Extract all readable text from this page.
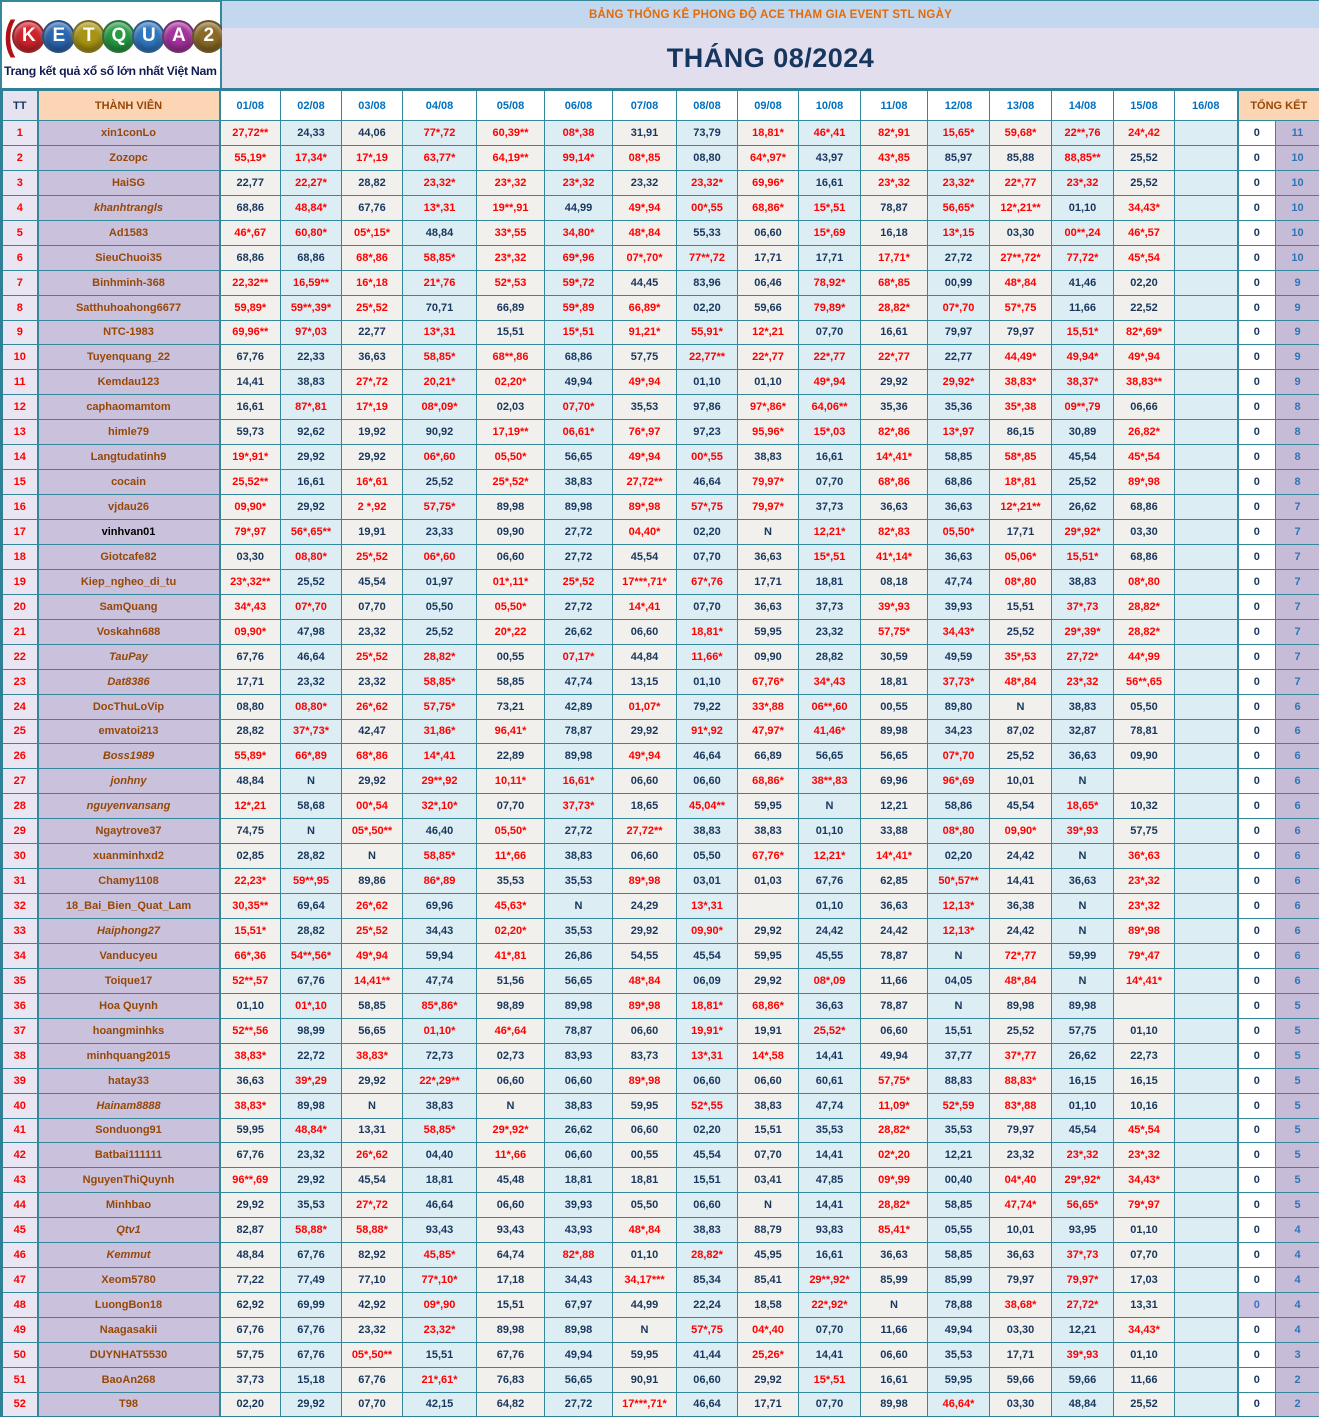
( K E T Q U A 2
Trang kết quả xổ số lớn nhất Việt Nam
BẢNG THỐNG KÊ PHONG ĐỘ ACE THAM GIA EVENT STL NGÀY
THÁNG 08/2024
TT	THÀNH VIÊN	01/08	02/08	03/08	04/08	05/08	06/08	07/08	08/08	09/08	10/08	11/08	12/08	13/08	14/08	15/08	16/08	TỔNG KẾT	
1	xin1conLo	27,72**	24,33	44,06	77*,72	60,39**	08*,38	31,91	73,79	18,81*	46*,41	82*,91	15,65*	59,68*	22**,76	24*,42		0	11
2	Zozopc	55,19*	17,34*	17*,19	63,77*	64,19**	99,14*	08*,85	08,80	64*,97*	43,97	43*,85	85,97	85,88	88,85**	25,52		0	10
3	HaiSG	22,77	22,27*	28,82	23,32*	23*,32	23*,32	23,32	23,32*	69,96*	16,61	23*,32	23,32*	22*,77	23*,32	25,52		0	10
4	khanhtrangls	68,86	48,84*	67,76	13*,31	19**,91	44,99	49*,94	00*,55	68,86*	15*,51	78,87	56,65*	12*,21**	01,10	34,43*		0	10
5	Ad1583	46*,67	60,80*	05*,15*	48,84	33*,55	34,80*	48*,84	55,33	06,60	15*,69	16,18	13*,15	03,30	00**,24	46*,57		0	10
6	SieuChuoi35	68,86	68,86	68*,86	58,85*	23*,32	69*,96	07*,70*	77**,72	17,71	17,71	17,71*	27,72	27**,72*	77,72*	45*,54		0	10
7	Binhminh-368	22,32**	16,59**	16*,18	21*,76	52*,53	59*,72	44,45	83,96	06,46	78,92*	68*,85	00,99	48*,84	41,46	02,20		0	9
8	Satthuhoahong6677	59,89*	59**,39*	25*,52	70,71	66,89	59*,89	66,89*	02,20	59,66	79,89*	28,82*	07*,70	57*,75	11,66	22,52		0	9
9	NTC-1983	69,96**	97*,03	22,77	13*,31	15,51	15*,51	91,21*	55,91*	12*,21	07,70	16,61	79,97	79,97	15,51*	82*,69*		0	9
10	Tuyenquang_22	67,76	22,33	36,63	58,85*	68**,86	68,86	57,75	22,77**	22*,77	22*,77	22*,77	22,77	44,49*	49,94*	49*,94		0	9
11	Kemdau123	14,41	38,83	27*,72	20,21*	02,20*	49,94	49*,94	01,10	01,10	49*,94	29,92	29,92*	38,83*	38,37*	38,83**		0	9
12	caphaomamtom	16,61	87*,81	17*,19	08*,09*	02,03	07,70*	35,53	97,86	97*,86*	64,06**	35,36	35,36	35*,38	09**,79	06,66		0	8
13	himle79	59,73	92,62	19,92	90,92	17,19**	06,61*	76*,97	97,23	95,96*	15*,03	82*,86	13*,97	86,15	30,89	26,82*		0	8
14	Langtudatinh9	19*,91*	29,92	29,92	06*,60	05,50*	56,65	49*,94	00*,55	38,83	16,61	14*,41*	58,85	58*,85	45,54	45*,54		0	8
15	cocain	25,52**	16,61	16*,61	25,52	25*,52*	38,83	27,72**	46,64	79,97*	07,70	68*,86	68,86	18*,81	25,52	89*,98		0	8
16	vjdau26	09,90*	29,92	2 *,92	57,75*	89,98	89,98	89*,98	57*,75	79,97*	37,73	36,63	36,63	12*,21**	26,62	68,86		0	7
17	vinhvan01	79*,97	56*,65**	19,91	23,33	09,90	27,72	04,40*	02,20	N	12,21*	82*,83	05,50*	17,71	29*,92*	03,30		0	7
18	Giotcafe82	03,30	08,80*	25*,52	06*,60	06,60	27,72	45,54	07,70	36,63	15*,51	41*,14*	36,63	05,06*	15,51*	68,86		0	7
19	Kiep_ngheo_di_tu	23*,32**	25,52	45,54	01,97	01*,11*	25*,52	17***,71*	67*,76	17,71	18,81	08,18	47,74	08*,80	38,83	08*,80		0	7
20	SamQuang	34*,43	07*,70	07,70	05,50	05,50*	27,72	14*,41	07,70	36,63	37,73	39*,93	39,93	15,51	37*,73	28,82*		0	7
21	Voskahn688	09,90*	47,98	23,32	25,52	20*,22	26,62	06,60	18,81*	59,95	23,32	57,75*	34,43*	25,52	29*,39*	28,82*		0	7
22	TauPay	67,76	46,64	25*,52	28,82*	00,55	07,17*	44,84	11,66*	09,90	28,82	30,59	49,59	35*,53	27,72*	44*,99		0	7
23	Dat8386	17,71	23,32	23,32	58,85*	58,85	47,74	13,15	01,10	67,76*	34*,43	18,81	37,73*	48*,84	23*,32	56**,65		0	7
24	DocThuLoVip	08,80	08,80*	26*,62	57,75*	73,21	42,89	01,07*	79,22	33*,88	06**,60	00,55	89,80	N	38,83	05,50		0	6
25	emvatoi213	28,82	37*,73*	42,47	31,86*	96,41*	78,87	29,92	91*,92	47,97*	41,46*	89,98	34,23	87,02	32,87	78,81		0	6
26	Boss1989	55,89*	66*,89	68*,86	14*,41	22,89	89,98	49*,94	46,64	66,89	56,65	56,65	07*,70	25,52	36,63	09,90		0	6
27	jonhny	48,84	N	29,92	29**,92	10,11*	16,61*	06,60	06,60	68,86*	38**,83	69,96	96*,69	10,01	N			0	6
28	nguyenvansang	12*,21	58,68	00*,54	32*,10*	07,70	37,73*	18,65	45,04**	59,95	N	12,21	58,86	45,54	18,65*	10,32		0	6
29	Ngaytrove37	74,75	N	05*,50**	46,40	05,50*	27,72	27,72**	38,83	38,83	01,10	33,88	08*,80	09,90*	39*,93	57,75		0	6
30	xuanminhxd2	02,85	28,82	N	58,85*	11*,66	38,83	06,60	05,50	67,76*	12,21*	14*,41*	02,20	24,42	N	36*,63		0	6
31	Chamy1108	22,23*	59**,95	89,86	86*,89	35,53	35,53	89*,98	03,01	01,03	67,76	62,85	50*,57**	14,41	36,63	23*,32		0	6
32	18_Bai_Bien_Quat_Lam	30,35**	69,64	26*,62	69,96	45,63*	N	24,29	13*,31		01,10	36,63	12,13*	36,38	N	23*,32		0	6
33	Haiphong27	15,51*	28,82	25*,52	34,43	02,20*	35,53	29,92	09,90*	29,92	24,42	24,42	12,13*	24,42	N	89*,98		0	6
34	Vanducyeu	66*,36	54**,56*	49*,94	59,94	41*,81	26,86	54,55	45,54	59,95	45,55	78,87	N	72*,77	59,99	79*,47		0	6
35	Toique17	52**,57	67,76	14,41**	47,74	51,56	56,65	48*,84	06,09	29,92	08*,09	11,66	04,05	48*,84	N	14*,41*		0	6
36	Hoa Quynh	01,10	01*,10	58,85	85*,86*	98,89	89,98	89*,98	18,81*	68,86*	36,63	78,87	N	89,98	89,98			0	5
37	hoangminhks	52**,56	98,99	56,65	01,10*	46*,64	78,87	06,60	19,91*	19,91	25,52*	06,60	15,51	25,52	57,75	01,10		0	5
38	minhquang2015	38,83*	22,72	38,83*	72,73	02,73	83,93	83,73	13*,31	14*,58	14,41	49,94	37,77	37*,77	26,62	22,73		0	5
39	hatay33	36,63	39*,29	29,92	22*,29**	06,60	06,60	89*,98	06,60	06,60	60,61	57,75*	88,83	88,83*	16,15	16,15		0	5
40	Hainam8888	38,83*	89,98	N	38,83	N	38,83	59,95	52*,55	38,83	47,74	11,09*	52*,59	83*,88	01,10	10,16		0	5
41	Sonduong91	59,95	48,84*	13,31	58,85*	29*,92*	26,62	06,60	02,20	15,51	35,53	28,82*	35,53	79,97	45,54	45*,54		0	5
42	Batbai111111	67,76	23,32	26*,62	04,40	11*,66	06,60	00,55	45,54	07,70	14,41	02*,20	12,21	23,32	23*,32	23*,32		0	5
43	NguyenThiQuynh	96**,69	29,92	45,54	18,81	45,48	18,81	18,81	15,51	03,41	47,85	09*,99	00,40	04*,40	29*,92*	34,43*		0	5
44	Minhbao	29,92	35,53	27*,72	46,64	06,60	39,93	05,50	06,60	N	14,41	28,82*	58,85	47,74*	56,65*	79*,97		0	5
45	Qtv1	82,87	58,88*	58,88*	93,43	93,43	43,93	48*,84	38,83	88,79	93,83	85,41*	05,55	10,01	93,95	01,10		0	4
46	Kemmut	48,84	67,76	82,92	45,85*	64,74	82*,88	01,10	28,82*	45,95	16,61	36,63	58,85	36,63	37*,73	07,70		0	4
47	Xeom5780	77,22	77,49	77,10	77*,10*	17,18	34,43	34,17***	85,34	85,41	29**,92*	85,99	85,99	79,97	79,97*	17,03		0	4
48	LuongBon18	62,92	69,99	42,92	09*,90	15,51	67,97	44,99	22,24	18,58	22*,92*	N	78,88	38,68*	27,72*	13,31		0	4
49	Naagasakii	67,76	67,76	23,32	23,32*	89,98	89,98	N	57*,75	04*,40	07,70	11,66	49,94	03,30	12,21	34,43*		0	4
50	DUYNHAT5530	57,75	67,76	05*,50**	15,51	67,76	49,94	59,95	41,44	25,26*	14,41	06,60	35,53	17,71	39*,93	01,10		0	3
51	BaoAn268	37,73	15,18	67,76	21*,61*	76,83	56,65	90,91	06,60	29,92	15*,51	16,61	59,95	59,66	59,66	11,66		0	2
52	T98	02,20	29,92	07,70	42,15	64,82	27,72	17***,71*	46,64	17,71	07,70	89,98	46,64*	03,30	48,84	25,52		0	2
